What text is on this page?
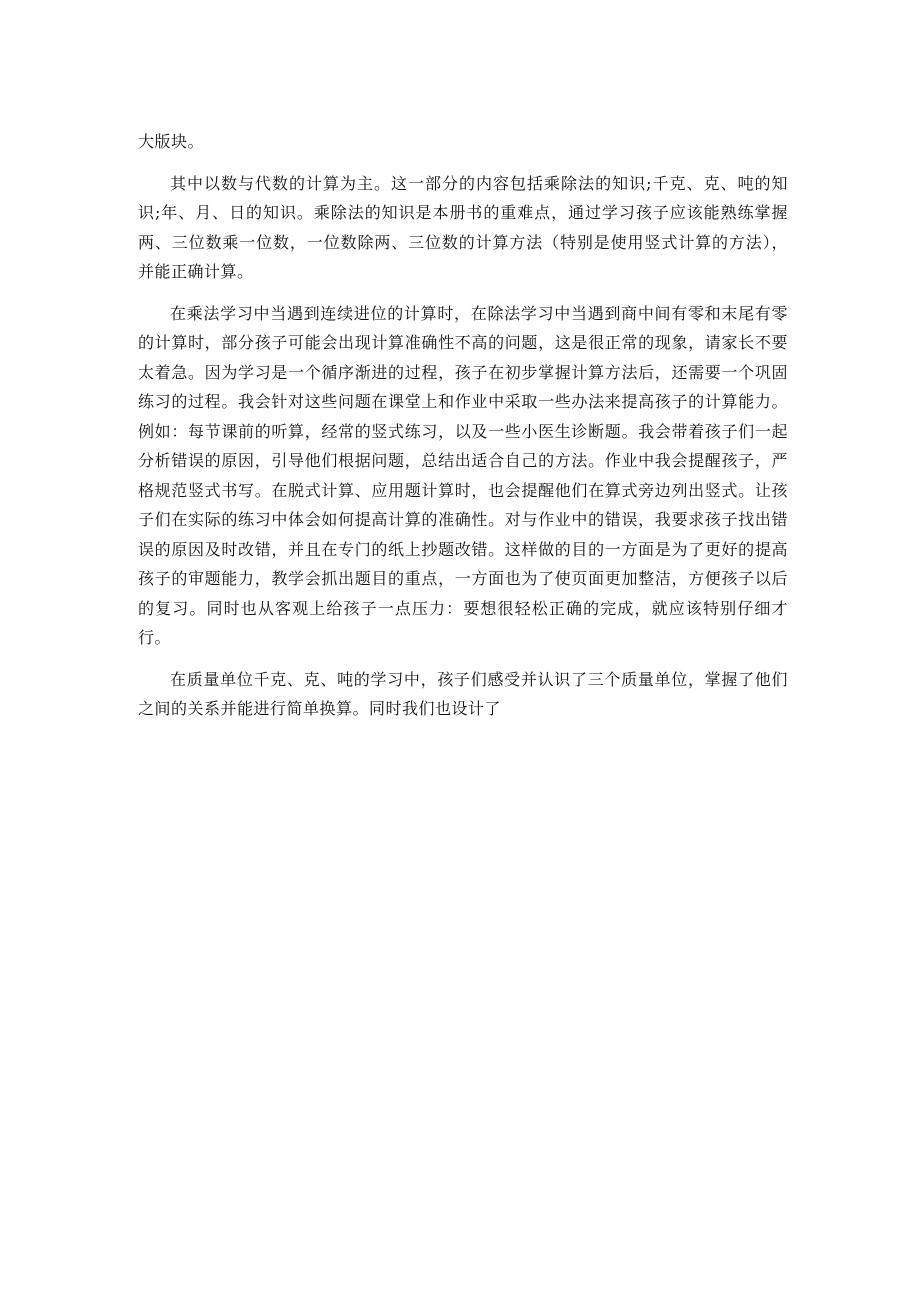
大版块。

其中以数与代数的计算为主。这一部分的内容包括乘除法的知识;千克、克、吨的知识;年、月、日的知识。乘除法的知识是本册书的重难点，通过学习孩子应该能熟练掌握两、三位数乘一位数，一位数除两、三位数的计算方法（特别是使用竖式计算的方法），并能正确计算。

在乘法学习中当遇到连续进位的计算时，在除法学习中当遇到商中间有零和末尾有零的计算时，部分孩子可能会出现计算准确性不高的问题，这是很正常的现象，请家长不要太着急。因为学习是一个循序渐进的过程，孩子在初步掌握计算方法后，还需要一个巩固练习的过程。我会针对这些问题在课堂上和作业中采取一些办法来提高孩子的计算能力。例如：每节课前的听算，经常的竖式练习，以及一些小医生诊断题。我会带着孩子们一起分析错误的原因，引导他们根据问题，总结出适合自己的方法。作业中我会提醒孩子，严格规范竖式书写。在脱式计算、应用题计算时，也会提醒他们在算式旁边列出竖式。让孩子们在实际的练习中体会如何提高计算的准确性。对与作业中的错误，我要求孩子找出错误的原因及时改错，并且在专门的纸上抄题改错。这样做的目的一方面是为了更好的提高孩子的审题能力，教学会抓出题目的重点，一方面也为了使页面更加整洁，方便孩子以后的复习。同时也从客观上给孩子一点压力：要想很轻松正确的完成，就应该特别仔细才行。

在质量单位千克、克、吨的学习中，孩子们感受并认识了三个质量单位，掌握了他们之间的关系并能进行简单换算。同时我们也设计了
